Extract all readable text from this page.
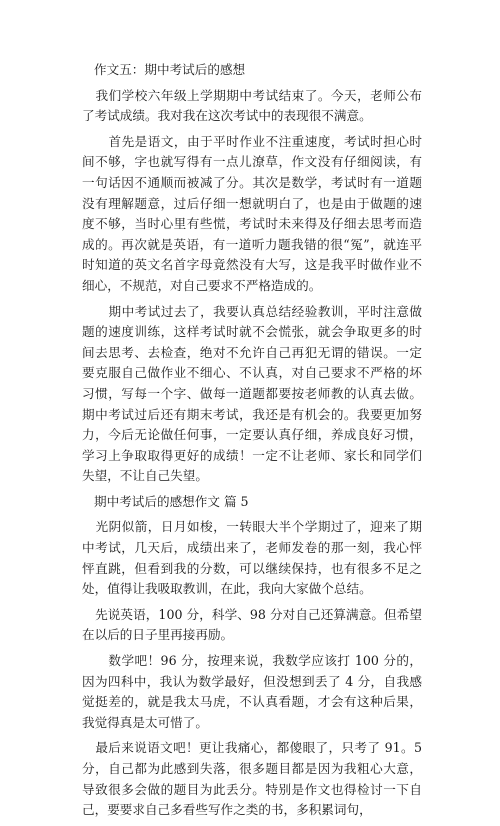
作文五：期中考试后的感想

我们学校六年级上学期期中考试结束了。今天，老师公布了考试成绩。我对我在这次考试中的表现很不满意。

首先是语文，由于平时作业不注重速度，考试时担心时间不够，字也就写得有一点儿潦草，作文没有仔细阅读，有一句话因不通顺而被减了分。其次是数学，考试时有一道题没有理解题意，过后仔细一想就明白了，也是由于做题的速度不够，当时心里有些慌，考试时未来得及仔细去思考而造成的。再次就是英语，有一道听力题我错的很“冤”，就连平时知道的英文名首字母竟然没有大写，这是我平时做作业不细心，不规范，对自己要求不严格造成的。

期中考试过去了，我要认真总结经验教训，平时注意做题的速度训练，这样考试时就不会慌张，就会争取更多的时间去思考、去检查，绝对不允许自己再犯无谓的错误。一定要克服自己做作业不细心、不认真，对自己要求不严格的坏习惯，写每一个字、做每一道题都要按老师教的认真去做。期中考试过后还有期末考试，我还是有机会的。我要更加努力，今后无论做任何事，一定要认真仔细，养成良好习惯，学习上争取取得更好的成绩！一定不让老师、家长和同学们失望，不让自己失望。

期中考试后的感想作文 篇 5

光阴似箭，日月如梭，一转眼大半个学期过了，迎来了期中考试，几天后，成绩出来了，老师发卷的那一刻，我心怦怦直跳，但看到我的分数，可以继续保持，也有很多不足之处，值得让我吸取教训，在此，我向大家做个总结。

先说英语，100 分，科学、98 分对自己还算满意。但希望在以后的日子里再接再励。

数学吧！96 分，按理来说，我数学应该打 100 分的，因为四科中，我认为数学最好，但没想到丢了 4 分，自我感觉挺差的，就是我太马虎，不认真看题，才会有这种后果，我觉得真是太可惜了。

最后来说语文吧！更让我痛心，都傻眼了，只考了 91。5 分，自己都为此感到失落，很多题目都是因为我粗心大意，导致很多会做的题目为此丢分。特别是作文也得检讨一下自己，要要求自己多看些写作之类的书，多积累词句，
